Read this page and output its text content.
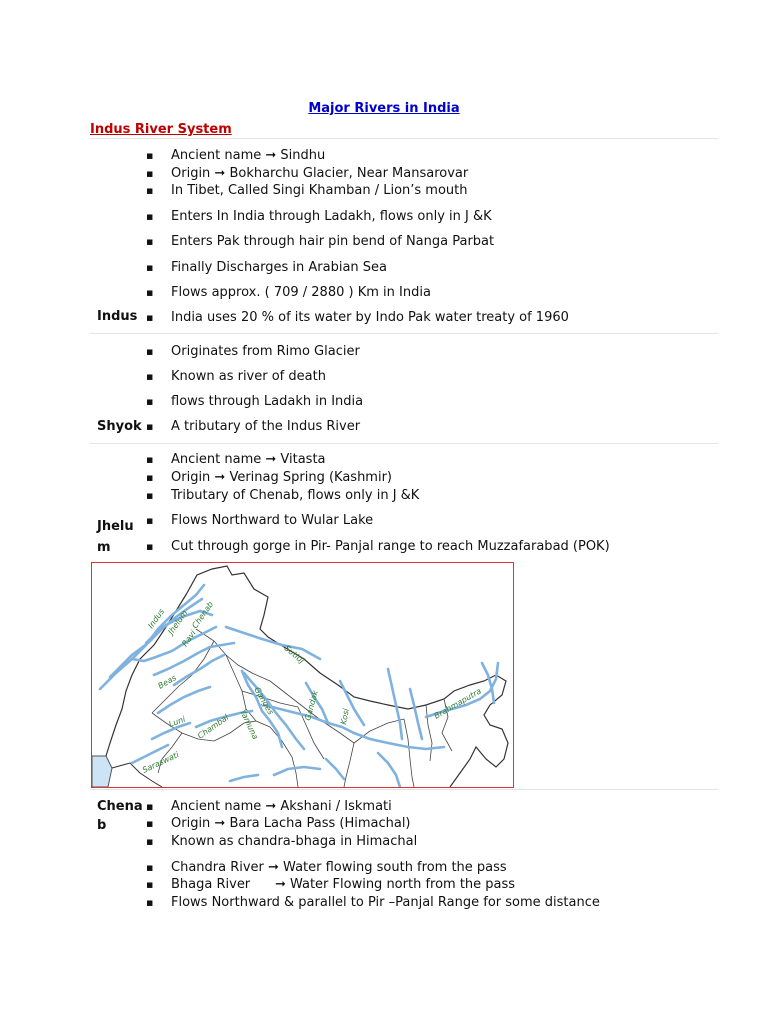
Major Rivers in India
Indus River System
▪ Ancient name ➞ Sindhu
▪ Origin ➞ Bokharchu Glacier, Near Mansarovar
▪ In Tibet, Called Singi Khamban / Lion’s mouth
▪ Enters In India through Ladakh, flows only in J &K
▪ Enters Pak through hair pin bend of Nanga Parbat
▪ Finally Discharges in Arabian Sea
▪ Flows approx. ( 709 / 2880 ) Km in India
Indus ▪ India uses 20 % of its water by Indo Pak water treaty of 1960
▪ Originates from Rimo Glacier
▪ Known as river of death
▪ flows through Ladakh in India
Shyok ▪ A tributary of the Indus River
▪ Ancient name ➞ Vitasta
▪ Origin ➞ Verinag Spring (Kashmir)
▪ Tributary of Chenab, flows only in J &K
Jhelu ▪ Flows Northward to Wular Lake
m	▪ Cut through gorge in Pir- Panjal range to reach Muzzafarabad (POK)
Indus Jhelum Chenab
Ravi
Sutluj
Beas
Luni Chambal Yamuna
Ganges	Gandak Kosi	Brahmaputra
Saraswati
Chena ▪ Ancient name ➞ Akshani / Iskmati
b	▪ Origin ➞ Bara Lacha Pass (Himachal)
▪ Known as chandra-bhaga in Himachal
▪ Chandra River ➞ Water flowing south from the pass
▪ Bhaga River      ➞ Water Flowing north from the pass
▪ Flows Northward & parallel to Pir –Panjal Range for some distance
